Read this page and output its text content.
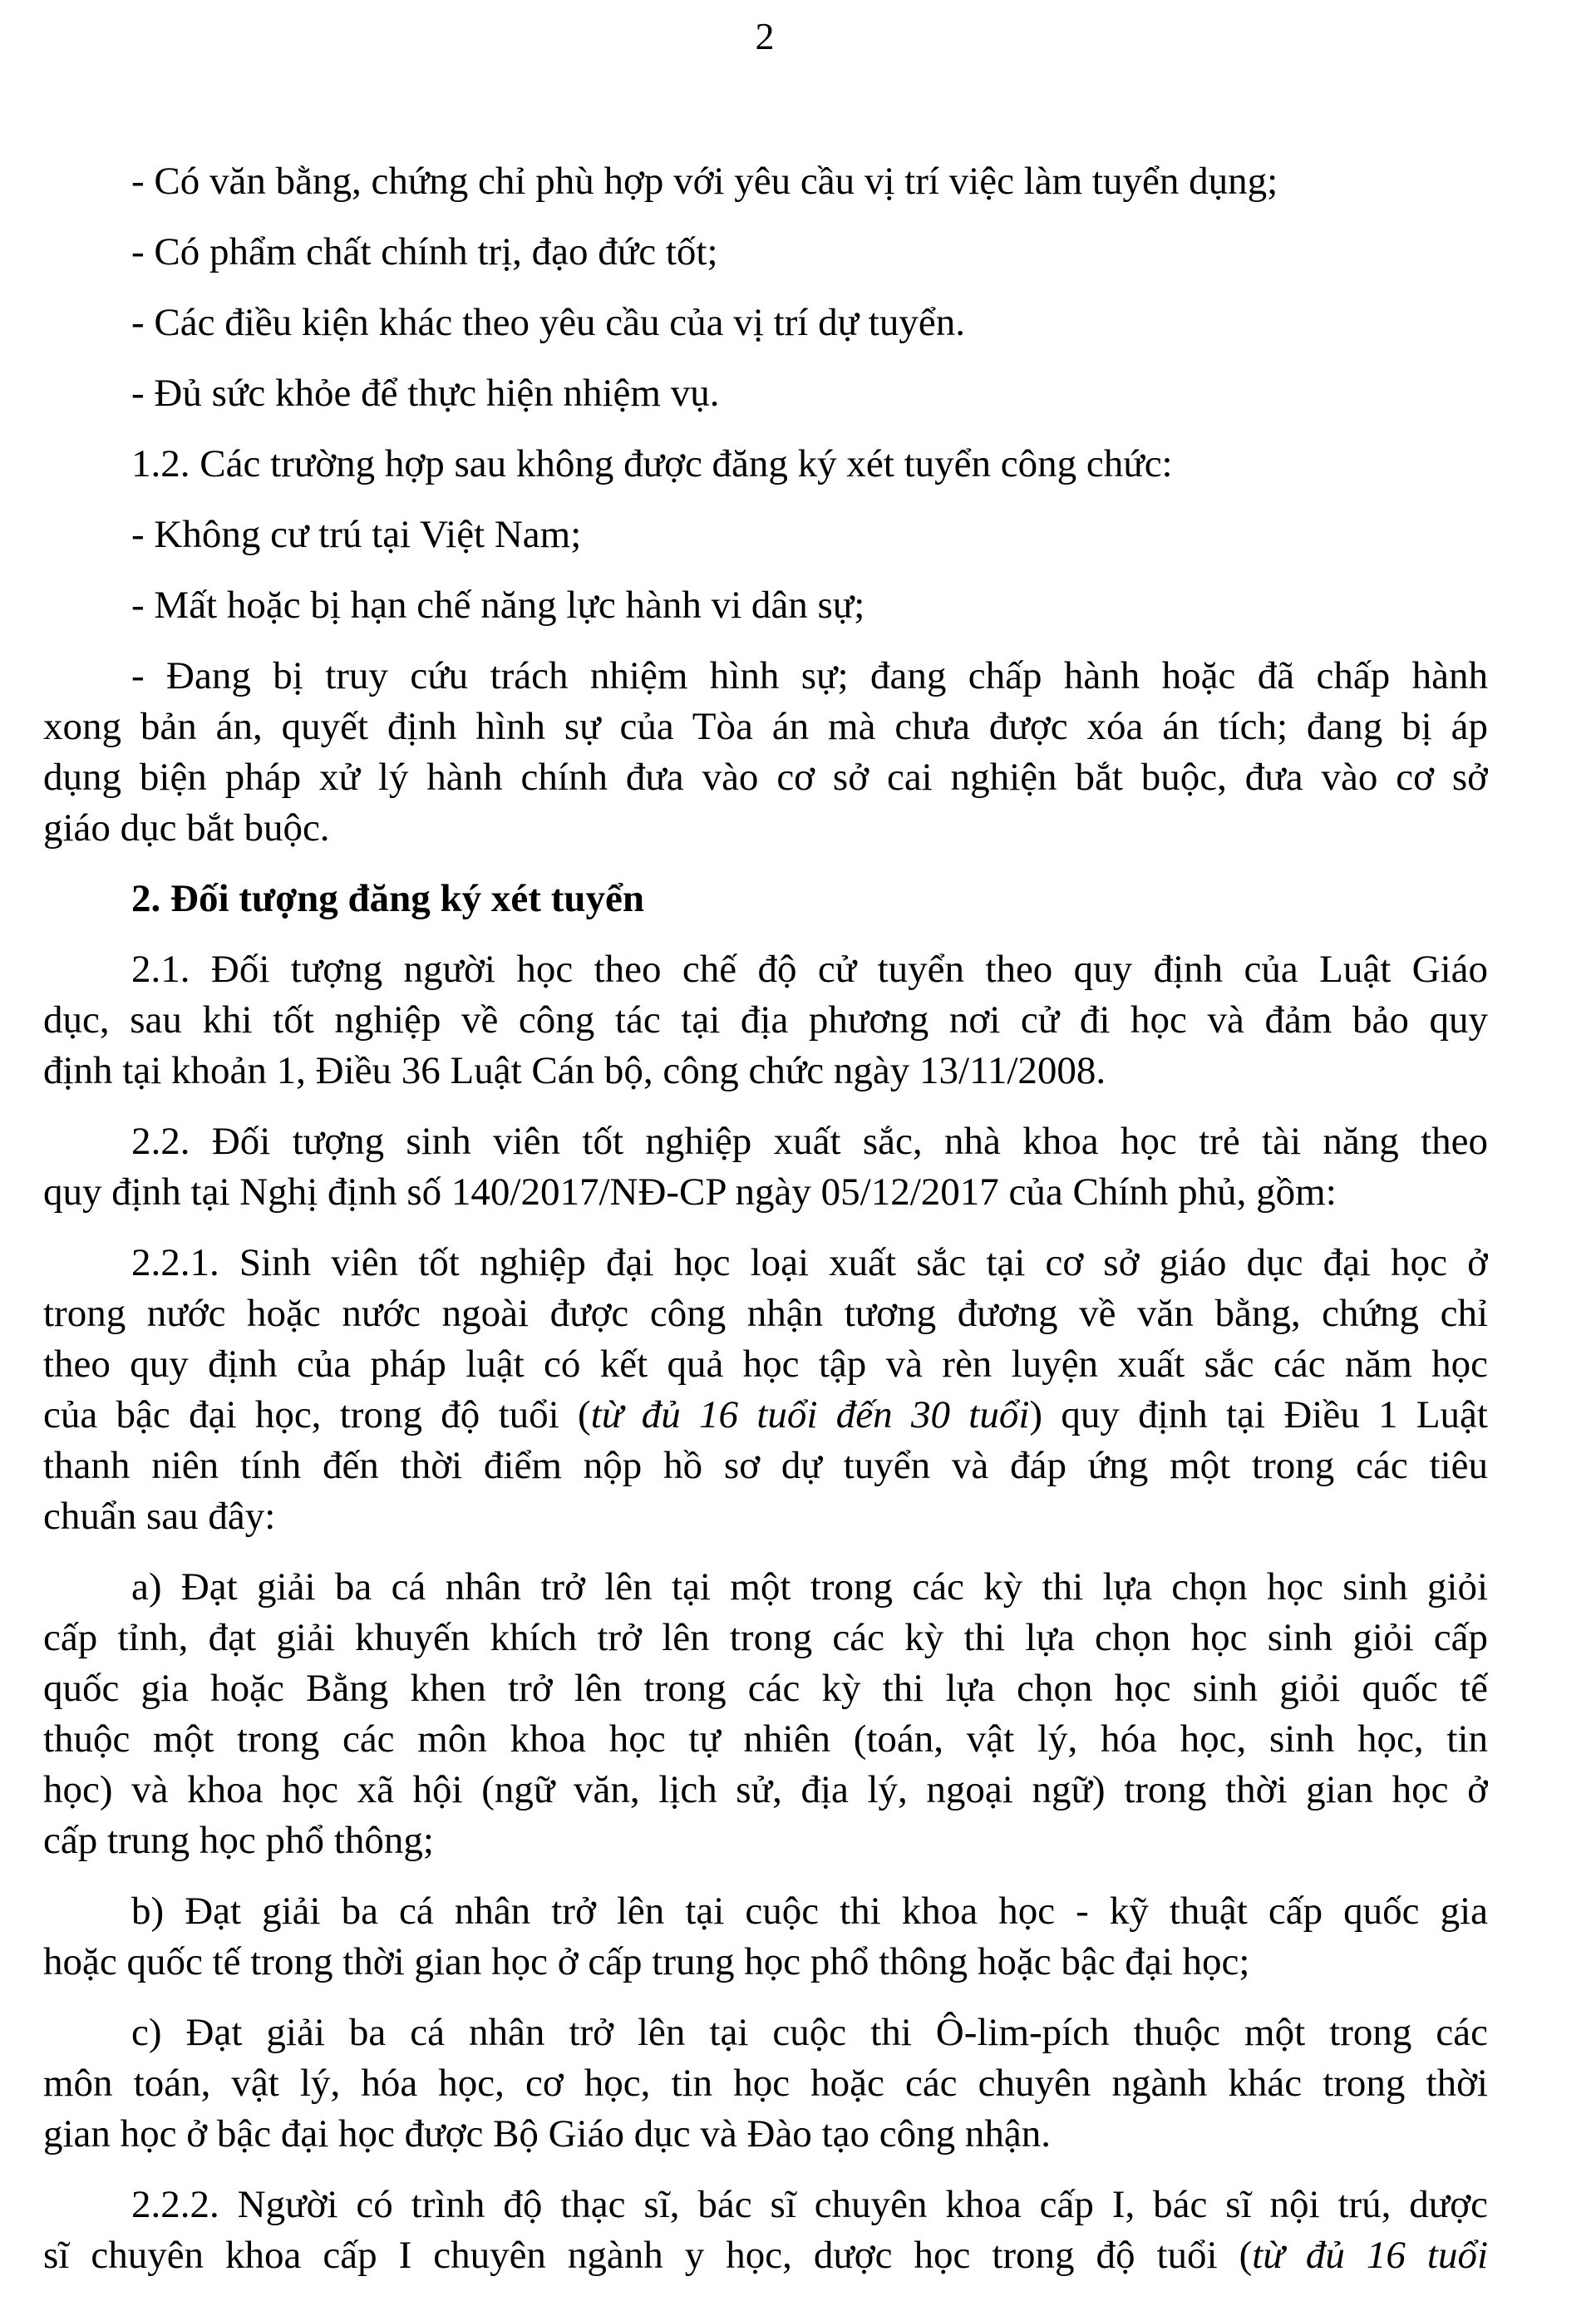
2
- Có văn bằng, chứng chỉ phù hợp với yêu cầu vị trí việc làm tuyển dụng;
- Có phẩm chất chính trị, đạo đức tốt;
- Các điều kiện khác theo yêu cầu của vị trí dự tuyển.
- Đủ sức khỏe để thực hiện nhiệm vụ.
1.2. Các trường hợp sau không được đăng ký xét tuyển công chức:
- Không cư trú tại Việt Nam;
- Mất hoặc bị hạn chế năng lực hành vi dân sự;
- Đang bị truy cứu trách nhiệm hình sự; đang chấp hành hoặc đã chấp hành
xong bản án, quyết định hình sự của Tòa án mà chưa được xóa án tích; đang bị áp
dụng biện pháp xử lý hành chính đưa vào cơ sở cai nghiện bắt buộc, đưa vào cơ sở
giáo dục bắt buộc.
2. Đối tượng đăng ký xét tuyển
2.1. Đối tượng người học theo chế độ cử tuyển theo quy định của Luật Giáo
dục, sau khi tốt nghiệp về công tác tại địa phương nơi cử đi học và đảm bảo quy
định tại khoản 1, Điều 36 Luật Cán bộ, công chức ngày 13/11/2008.
2.2. Đối tượng sinh viên tốt nghiệp xuất sắc, nhà khoa học trẻ tài năng theo
quy định tại Nghị định số 140/2017/NĐ-CP ngày 05/12/2017 của Chính phủ, gồm:
2.2.1. Sinh viên tốt nghiệp đại học loại xuất sắc tại cơ sở giáo dục đại học ở
trong nước hoặc nước ngoài được công nhận tương đương về văn bằng, chứng chỉ
theo quy định của pháp luật có kết quả học tập và rèn luyện xuất sắc các năm học
của bậc đại học, trong độ tuổi (từ đủ 16 tuổi đến 30 tuổi) quy định tại Điều 1 Luật
thanh niên tính đến thời điểm nộp hồ sơ dự tuyển và đáp ứng một trong các tiêu
chuẩn sau đây:
a) Đạt giải ba cá nhân trở lên tại một trong các kỳ thi lựa chọn học sinh giỏi
cấp tỉnh, đạt giải khuyến khích trở lên trong các kỳ thi lựa chọn học sinh giỏi cấp
quốc gia hoặc Bằng khen trở lên trong các kỳ thi lựa chọn học sinh giỏi quốc tế
thuộc một trong các môn khoa học tự nhiên (toán, vật lý, hóa học, sinh học, tin
học) và khoa học xã hội (ngữ văn, lịch sử, địa lý, ngoại ngữ) trong thời gian học ở
cấp trung học phổ thông;
b) Đạt giải ba cá nhân trở lên tại cuộc thi khoa học - kỹ thuật cấp quốc gia
hoặc quốc tế trong thời gian học ở cấp trung học phổ thông hoặc bậc đại học;
c) Đạt giải ba cá nhân trở lên tại cuộc thi Ô-lim-pích thuộc một trong các
môn toán, vật lý, hóa học, cơ học, tin học hoặc các chuyên ngành khác trong thời
gian học ở bậc đại học được Bộ Giáo dục và Đào tạo công nhận.
2.2.2. Người có trình độ thạc sĩ, bác sĩ chuyên khoa cấp I, bác sĩ nội trú, dược
sĩ chuyên khoa cấp I chuyên ngành y học, dược học trong độ tuổi (từ đủ 16 tuổi
